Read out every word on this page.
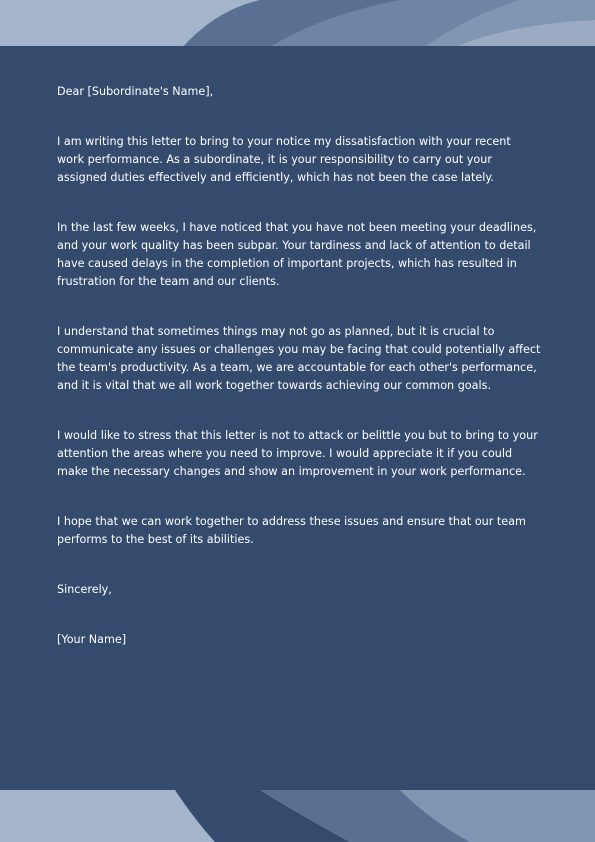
Dear [Subordinate's Name],

I am writing this letter to bring to your notice my dissatisfaction with your recent work performance. As a subordinate, it is your responsibility to carry out your assigned duties effectively and efficiently, which has not been the case lately.

In the last few weeks, I have noticed that you have not been meeting your deadlines, and your work quality has been subpar. Your tardiness and lack of attention to detail have caused delays in the completion of important projects, which has resulted in frustration for the team and our clients.

I understand that sometimes things may not go as planned, but it is crucial to communicate any issues or challenges you may be facing that could potentially affect the team's productivity. As a team, we are accountable for each other's performance, and it is vital that we all work together towards achieving our common goals.

I would like to stress that this letter is not to attack or belittle you but to bring to your attention the areas where you need to improve. I would appreciate it if you could make the necessary changes and show an improvement in your work performance.

I hope that we can work together to address these issues and ensure that our team performs to the best of its abilities.

Sincerely,

[Your Name]
